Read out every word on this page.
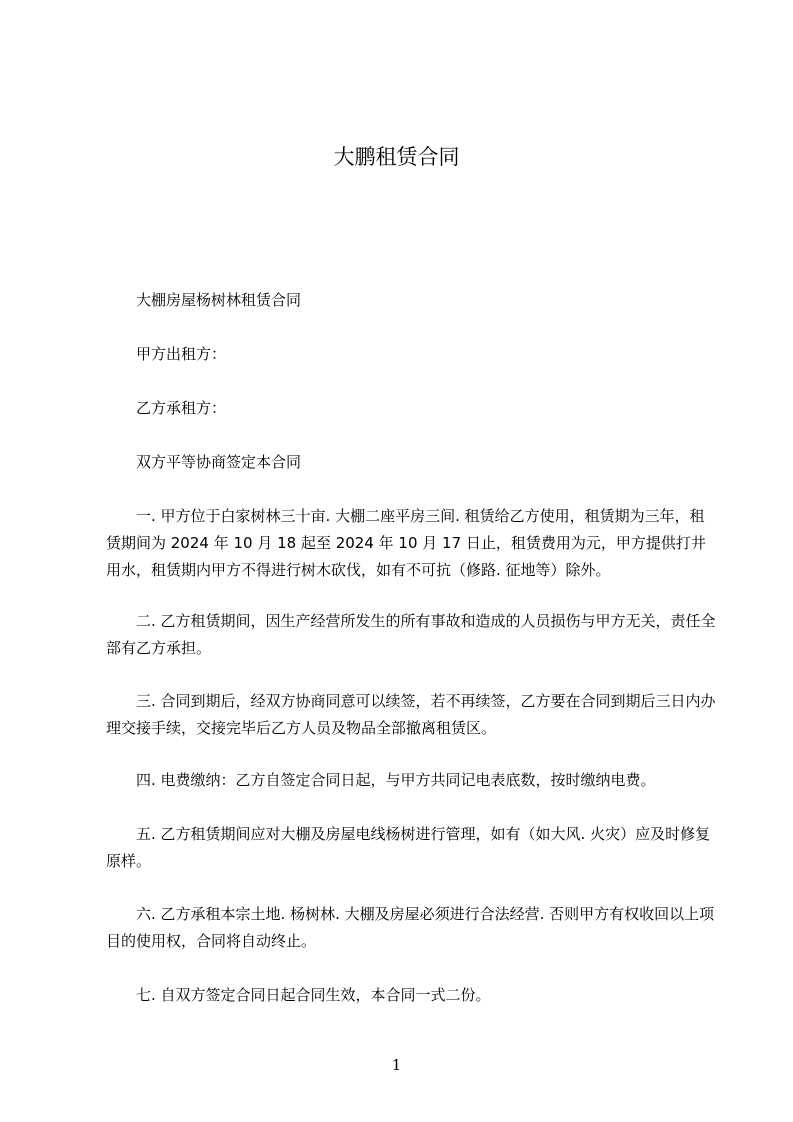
大鹏租赁合同

大棚房屋杨树林租赁合同

甲方出租方：

乙方承租方：

双方平等协商签定本合同

一. 甲方位于白家树林三十亩. 大棚二座平房三间. 租赁给乙方使用，租赁期为三年，租赁期间为 2024 年 10 月 18 起至 2024 年 10 月 17 日止，租赁费用为元，甲方提供打井用水，租赁期内甲方不得进行树木砍伐，如有不可抗（修路. 征地等）除外。

二. 乙方租赁期间，因生产经营所发生的所有事故和造成的人员损伤与甲方无关，责任全部有乙方承担。

三. 合同到期后，经双方协商同意可以续签，若不再续签，乙方要在合同到期后三日内办理交接手续，交接完毕后乙方人员及物品全部撤离租赁区。

四. 电费缴纳：乙方自签定合同日起，与甲方共同记电表底数，按时缴纳电费。

五. 乙方租赁期间应对大棚及房屋电线杨树进行管理，如有（如大风. 火灾）应及时修复原样。

六. 乙方承租本宗土地. 杨树林. 大棚及房屋必须进行合法经营. 否则甲方有权收回以上项目的使用权，合同将自动终止。

七. 自双方签定合同日起合同生效，本合同一式二份。

1
